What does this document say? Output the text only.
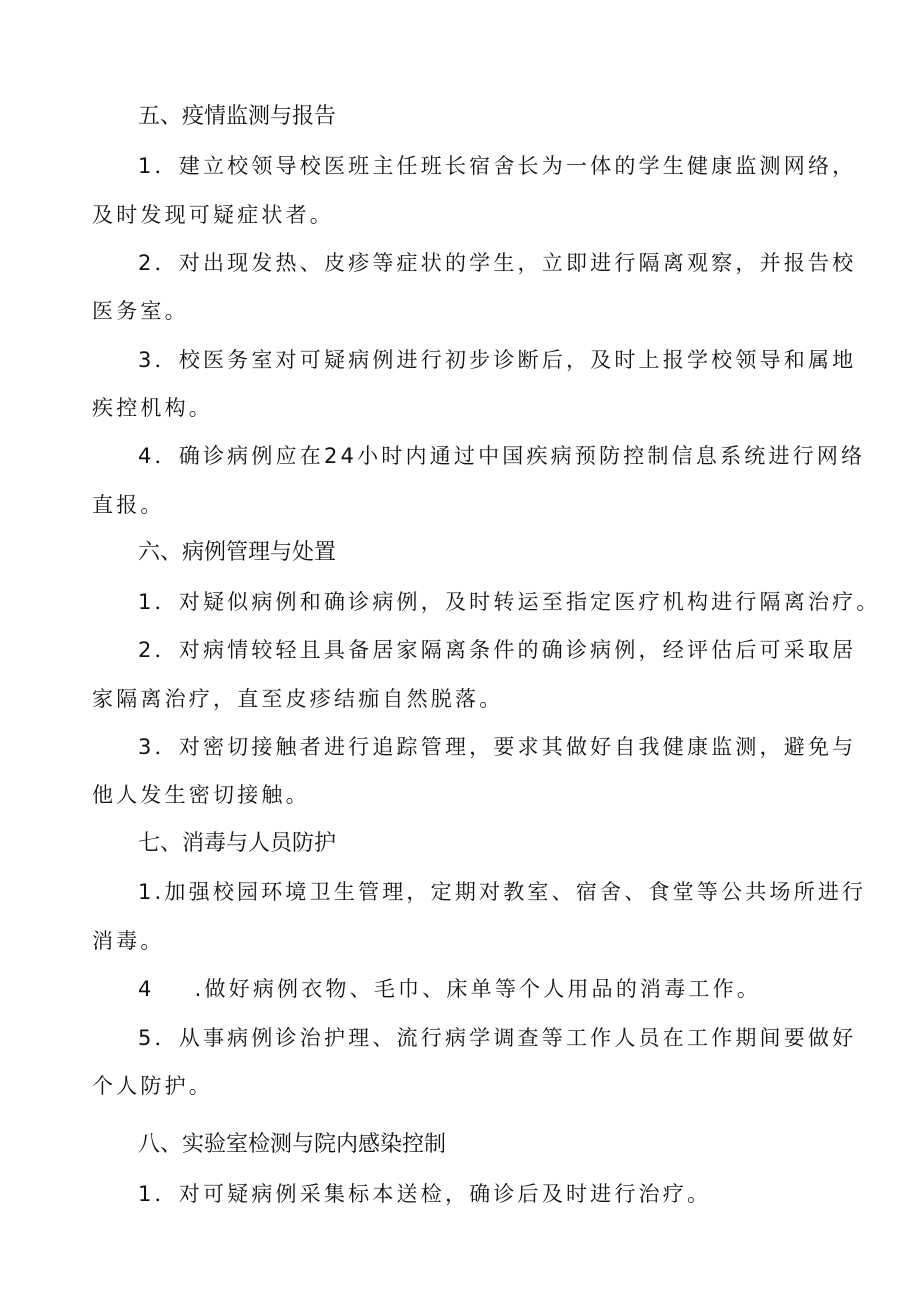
五、疫情监测与报告
1．建立校领导校医班主任班长宿舍长为一体的学生健康监测网络，
及时发现可疑症状者。
2．对出现发热、皮疹等症状的学生，立即进行隔离观察，并报告校
医务室。
3．校医务室对可疑病例进行初步诊断后，及时上报学校领导和属地
疾控机构。
4．确诊病例应在24小时内通过中国疾病预防控制信息系统进行网络
直报。
六、病例管理与处置
1．对疑似病例和确诊病例，及时转运至指定医疗机构进行隔离治疗。
2．对病情较轻且具备居家隔离条件的确诊病例，经评估后可采取居
家隔离治疗，直至皮疹结痂自然脱落。
3．对密切接触者进行追踪管理，要求其做好自我健康监测，避免与
他人发生密切接触。
七、消毒与人员防护
1.加强校园环境卫生管理，定期对教室、宿舍、食堂等公共场所进行
消毒。
4 .做好病例衣物、毛巾、床单等个人用品的消毒工作。
5．从事病例诊治护理、流行病学调查等工作人员在工作期间要做好
个人防护。
八、实验室检测与院内感染控制
1．对可疑病例采集标本送检，确诊后及时进行治疗。
